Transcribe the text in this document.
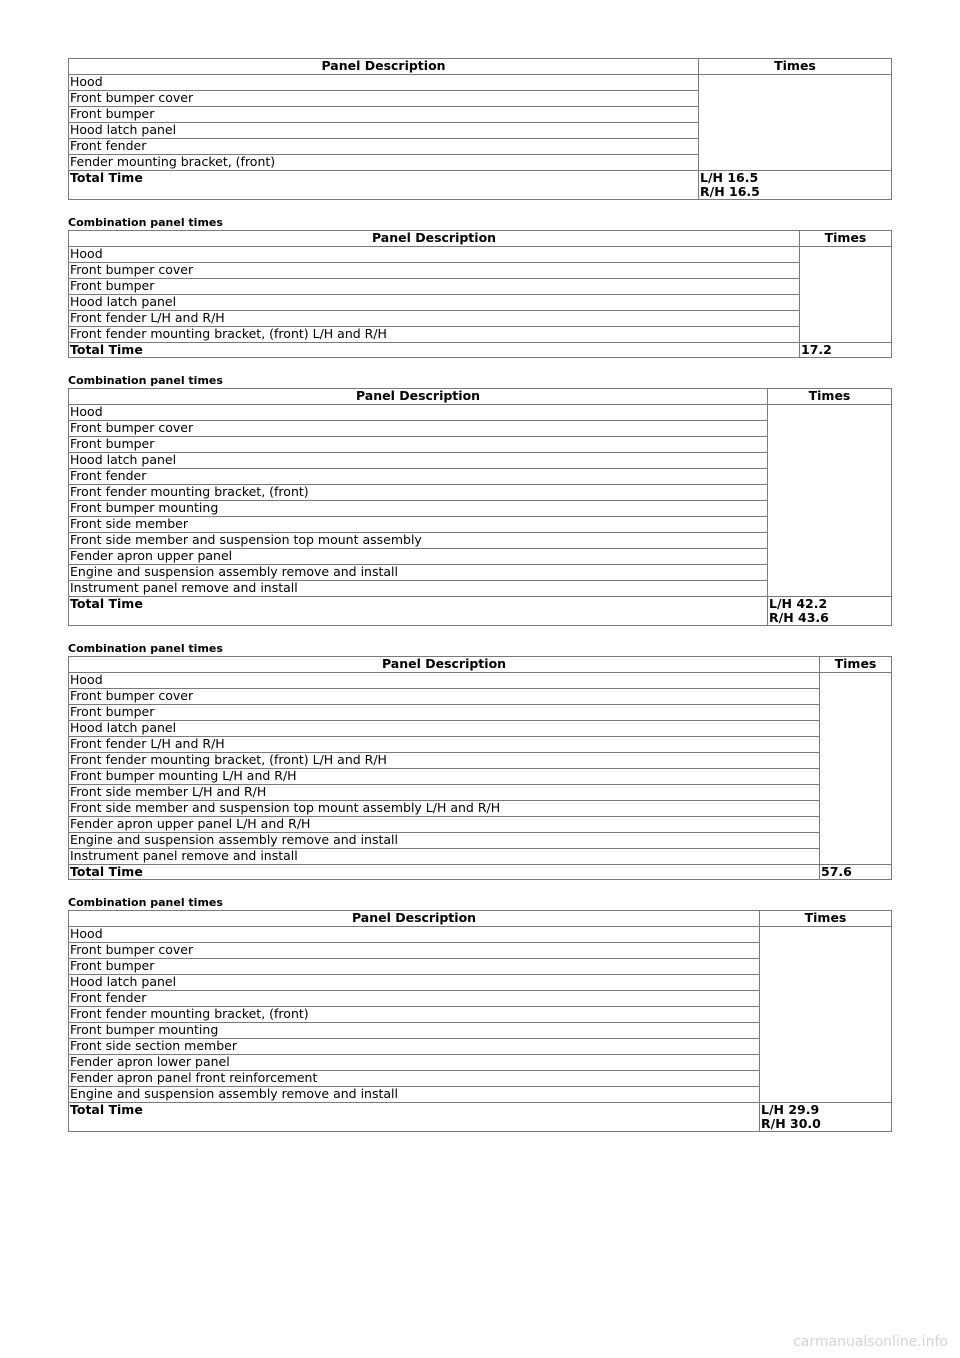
Panel Description	Times
Hood	
Front bumper cover	
Front bumper	
Hood latch panel	
Front fender	
Fender mounting bracket, (front)	
Total Time	L/H 16.5
R/H 16.5
Combination panel times
Panel Description	Times
Hood	
Front bumper cover	
Front bumper	
Hood latch panel	
Front fender L/H and R/H	
Front fender mounting bracket, (front) L/H and R/H	
Total Time	17.2
Combination panel times
Panel Description	Times
Hood	
Front bumper cover	
Front bumper	
Hood latch panel	
Front fender	
Front fender mounting bracket, (front)	
Front bumper mounting	
Front side member	
Front side member and suspension top mount assembly	
Fender apron upper panel	
Engine and suspension assembly remove and install	
Instrument panel remove and install	
Total Time	L/H 42.2
R/H 43.6
Combination panel times
Panel Description	Times
Hood	
Front bumper cover	
Front bumper	
Hood latch panel	
Front fender L/H and R/H	
Front fender mounting bracket, (front) L/H and R/H	
Front bumper mounting L/H and R/H	
Front side member L/H and R/H	
Front side member and suspension top mount assembly L/H and R/H	
Fender apron upper panel L/H and R/H	
Engine and suspension assembly remove and install	
Instrument panel remove and install	
Total Time	57.6
Combination panel times
Panel Description	Times
Hood	
Front bumper cover	
Front bumper	
Hood latch panel	
Front fender	
Front fender mounting bracket, (front)	
Front bumper mounting	
Front side section member	
Fender apron lower panel	
Fender apron panel front reinforcement	
Engine and suspension assembly remove and install	
Total Time	L/H 29.9
R/H 30.0
carmanualsonline.info
